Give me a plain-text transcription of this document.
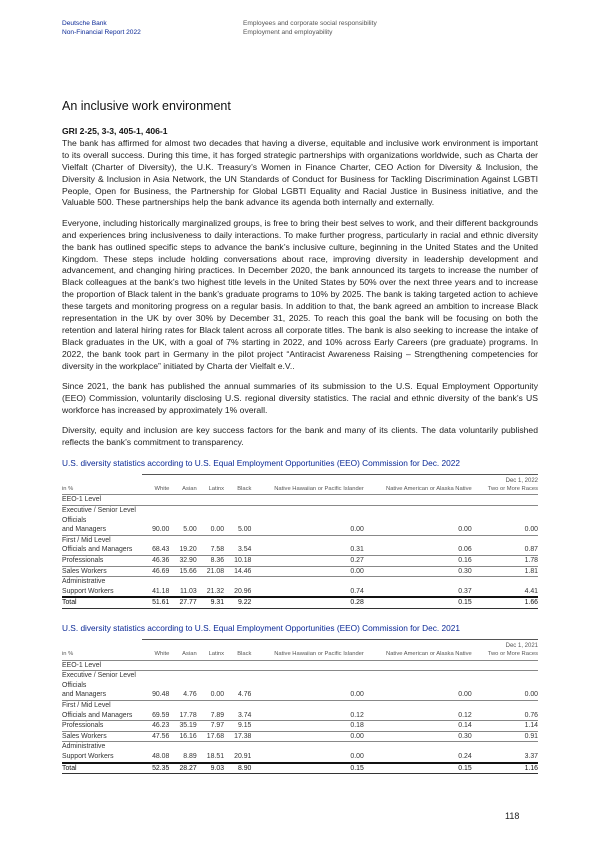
Deutsche Bank
Non-Financial Report 2022
Employees and corporate social responsibility
Employment and employability
An inclusive work environment
GRI 2-25, 3-3, 405-1, 406-1

The bank has affirmed for almost two decades that having a diverse, equitable and inclusive work environment is important to its overall success. During this time, it has forged strategic partnerships with organizations worldwide, such as Charta der Vielfalt (Charter of Diversity), the U.K. Treasury’s Women in Finance Charter, CEO Action for Diversity & Inclusion, the Diversity & Inclusion in Asia Network, the UN Standards of Conduct for Business for Tackling Discrimination Against LGBTI People, Open for Business, the Partnership for Global LGBTI Equality and Racial Justice in Business initiative, and the Valuable 500. These partnerships help the bank advance its agenda both internally and externally.

Everyone, including historically marginalized groups, is free to bring their best selves to work, and their different backgrounds and experiences bring inclusiveness to daily interactions. To make further progress, particularly in racial and ethnic diversity the bank has outlined specific steps to advance the bank’s inclusive culture, beginning in the United States and the United Kingdom. These steps include holding conversations about race, improving diversity in leadership development and advancement, and changing hiring practices. In December 2020, the bank announced its targets to increase the number of Black colleagues at the bank’s two highest title levels in the United States by 50% over the next three years and to increase the proportion of Black talent in the bank’s graduate programs to 10% by 2025. The bank is taking targeted action to achieve these targets and monitoring progress on a regular basis. In addition to that, the bank agreed an ambition to increase Black representation in the UK by over 30% by December 31, 2025. To reach this goal the bank will be focusing on both the retention and lateral hiring rates for Black talent across all corporate titles. The bank is also seeking to increase the intake of Black graduates in the UK, with a goal of 7% starting in 2022, and 10% across Early Careers (pre graduate) programs. In 2022, the bank took part in Germany in the pilot project “Antiracist Awareness Raising – Strengthening competencies for diversity in the workplace” initiated by Charta der Vielfalt e.V..

Since 2021, the bank has published the annual summaries of its submission to the U.S. Equal Employment Opportunity (EEO) Commission, voluntarily disclosing U.S. regional diversity statistics. The racial and ethnic diversity of the bank’s US workforce has increased by approximately 1% overall.

Diversity, equity and inclusion are key success factors for the bank and many of its clients. The data voluntarily published reflects the bank’s commitment to transparency.

U.S. diversity statistics according to U.S. Equal Employment Opportunities (EEO) Commission for Dec. 2022
	Dec 1, 2022						
in %	White	Asian	Latinx	Black	Native Hawaiian or Pacific Islander	Native American or Alaska Native	Two or More Races
EEO-1 Level							
Executive / Senior Level Officials							
and Managers	90.00	5.00	0.00	5.00	0.00	0.00	0.00
First / Mid Level							
Officials and Managers	68.43	19.20	7.58	3.54	0.31	0.06	0.87
Professionals	46.36	32.90	8.36	10.18	0.27	0.16	1.78
Sales Workers	46.69	15.66	21.08	14.46	0.00	0.30	1.81
Administrative							
Support Workers	41.18	11.03	21.32	20.96	0.74	0.37	4.41
Total	51.61	27.77	9.31	9.22	0.28	0.15	1.66
U.S. diversity statistics according to U.S. Equal Employment Opportunities (EEO) Commission for Dec. 2021
	Dec 1, 2021						
in %	White	Asian	Latinx	Black	Native Hawaiian or Pacific Islander	Native American or Alaska Native	Two or More Races
EEO-1 Level							
Executive / Senior Level Officials							
and Managers	90.48	4.76	0.00	4.76	0.00	0.00	0.00
First / Mid Level							
Officials and Managers	69.59	17.78	7.89	3.74	0.12	0.12	0.76
Professionals	46.23	35.19	7.97	9.15	0.18	0.14	1.14
Sales Workers	47.56	16.16	17.68	17.38	0.00	0.30	0.91
Administrative							
Support Workers	48.08	8.89	18.51	20.91	0.00	0.24	3.37
Total	52.35	28.27	9.03	8.90	0.15	0.15	1.16
118
